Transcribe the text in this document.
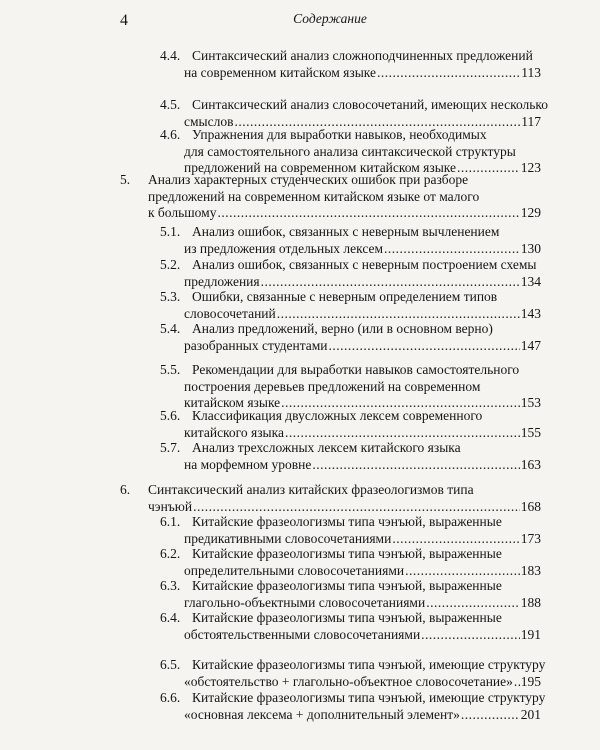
4	Содержание
4.4. Синтаксический анализ сложноподчиненных предложений
на современном китайском языке .....	113
4.5. Синтаксический анализ словосочетаний, имеющих несколько
смыслов .....	117
4.6. Упражнения для выработки навыков, необходимых
для самостоятельного анализа синтаксической структуры
предложений на современном китайском языке .....	123
5.	Анализ характерных студенческих ошибок при разборе
предложений на современном китайском языке от малого
к большому .....	129
5.1. Анализ ошибок, связанных с неверным вычленением
из предложения отдельных лексем .....	130
5.2. Анализ ошибок, связанных с неверным построением схемы
предложения .....	134
5.3. Ошибки, связанные с неверным определением типов
словосочетаний .....	143
5.4. Анализ предложений, верно (или в основном верно)
разобранных студентами .....	147
5.5. Рекомендации для выработки навыков самостоятельного
построения деревьев предложений на современном
китайском языке .....	153
5.6. Классификация двусложных лексем современного
китайского языка .....	155
5.7. Анализ трехсложных лексем китайского языка
на морфемном уровне .....	163
6.	Синтаксический анализ китайских фразеологизмов типа
чэнъюй .....	168
6.1. Китайские фразеологизмы типа чэнъюй, выраженные
предикативными словосочетаниями .....	173
6.2. Китайские фразеологизмы типа чэнъюй, выраженные
определительными словосочетаниями .....	183
6.3. Китайские фразеологизмы типа чэнъюй, выраженные
глагольно-объектными словосочетаниями .....	188
6.4. Китайские фразеологизмы типа чэнъюй, выраженные
обстоятельственными словосочетаниями .....	191
6.5. Китайские фразеологизмы типа чэнъюй, имеющие структуру
«обстоятельство + глагольно-объектное словосочетание» ..... 195
6.6. Китайские фразеологизмы типа чэнъюй, имеющие структуру
«основная лексема + дополнительный элемент» .....	201
